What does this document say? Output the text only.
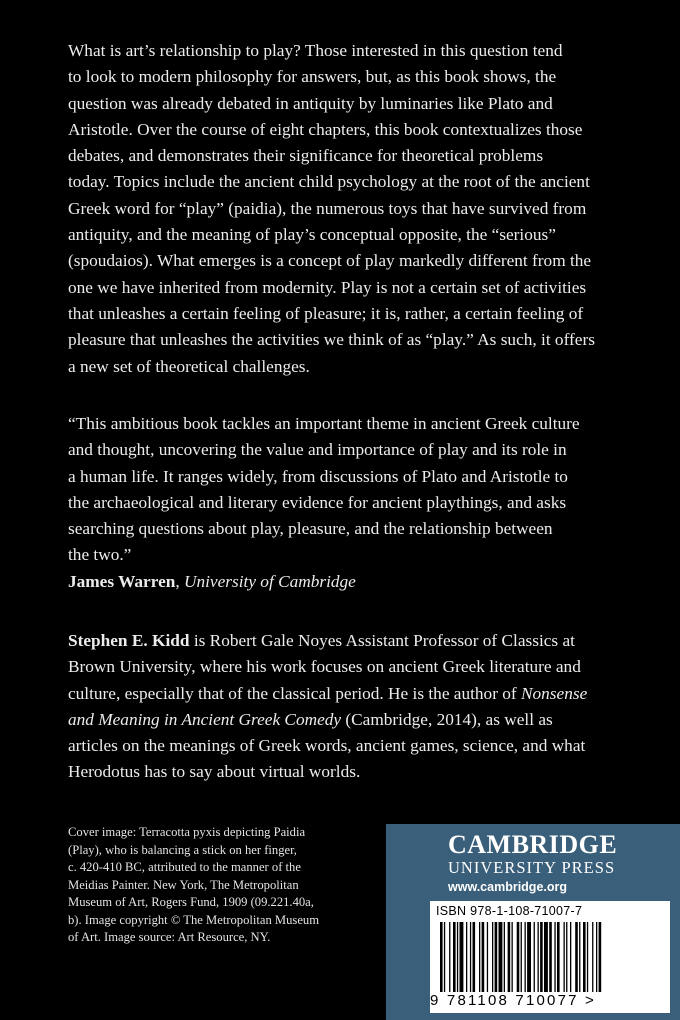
What is art’s relationship to play? Those interested in this question tend
to look to modern philosophy for answers, but, as this book shows, the
question was already debated in antiquity by luminaries like Plato and
Aristotle. Over the course of eight chapters, this book contextualizes those
debates, and demonstrates their significance for theoretical problems
today. Topics include the ancient child psychology at the root of the ancient
Greek word for “play” (paidia), the numerous toys that have survived from
antiquity, and the meaning of play’s conceptual opposite, the “serious”
(spoudaios). What emerges is a concept of play markedly different from the
one we have inherited from modernity. Play is not a certain set of activities
that unleashes a certain feeling of pleasure; it is, rather, a certain feeling of
pleasure that unleashes the activities we think of as “play.” As such, it offers
a new set of theoretical challenges.
“This ambitious book tackles an important theme in ancient Greek culture
and thought, uncovering the value and importance of play and its role in
a human life. It ranges widely, from discussions of Plato and Aristotle to
the archaeological and literary evidence for ancient playthings, and asks
searching questions about play, pleasure, and the relationship between
the two.”
James Warren, University of Cambridge
Stephen E. Kidd is Robert Gale Noyes Assistant Professor of Classics at
Brown University, where his work focuses on ancient Greek literature and
culture, especially that of the classical period. He is the author of Nonsense
and Meaning in Ancient Greek Comedy (Cambridge, 2014), as well as
articles on the meanings of Greek words, ancient games, science, and what
Herodotus has to say about virtual worlds.
Cover image: Terracotta pyxis depicting Paidia
(Play), who is balancing a stick on her finger,
c. 420-410 BC, attributed to the manner of the
Meidias Painter. New York, The Metropolitan
Museum of Art, Rogers Fund, 1909 (09.221.40a,
b). Image copyright © The Metropolitan Museum
of Art. Image source: Art Resource, NY.
CAMBRIDGE
UNIVERSITY PRESS
www.cambridge.org
ISBN 978-1-108-71007-7
9 781108 710077 >
